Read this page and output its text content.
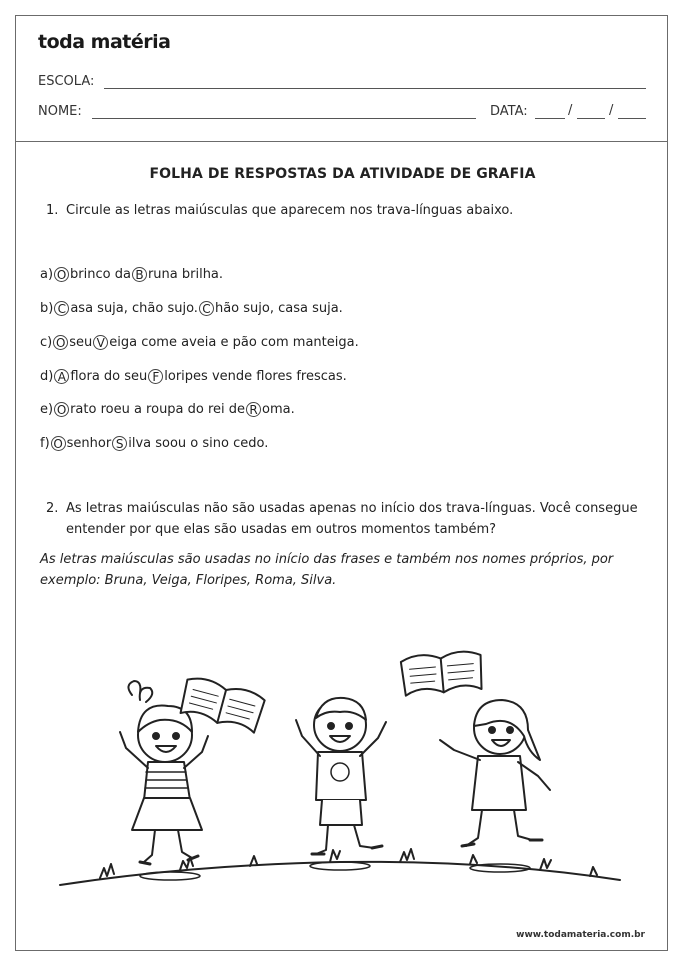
toda matéria
ESCOLA:
NOME:	DATA:	/	/
FOLHA DE RESPOSTAS DA ATIVIDADE DE GRAFIA
1. Circule as letras maiúsculas que aparecem nos trava-línguas abaixo.
a) O brinco da B runa brilha.
b) C asa suja, chão sujo. C hão sujo, casa suja.
c) O seu V eiga come aveia e pão com manteiga.
d) A flora do seu F loripes vende flores frescas.
e) O rato roeu a roupa do rei de R oma.
f) O senhor S ilva soou o sino cedo.
2. As letras maiúsculas não são usadas apenas no início dos trava-línguas. Você consegue
entender por que elas são usadas em outros momentos também?
As letras maiúsculas são usadas no início das frases e também nos nomes próprios, por exemplo: Bruna, Veiga, Floripes, Roma, Silva.
www.todamateria.com.br
